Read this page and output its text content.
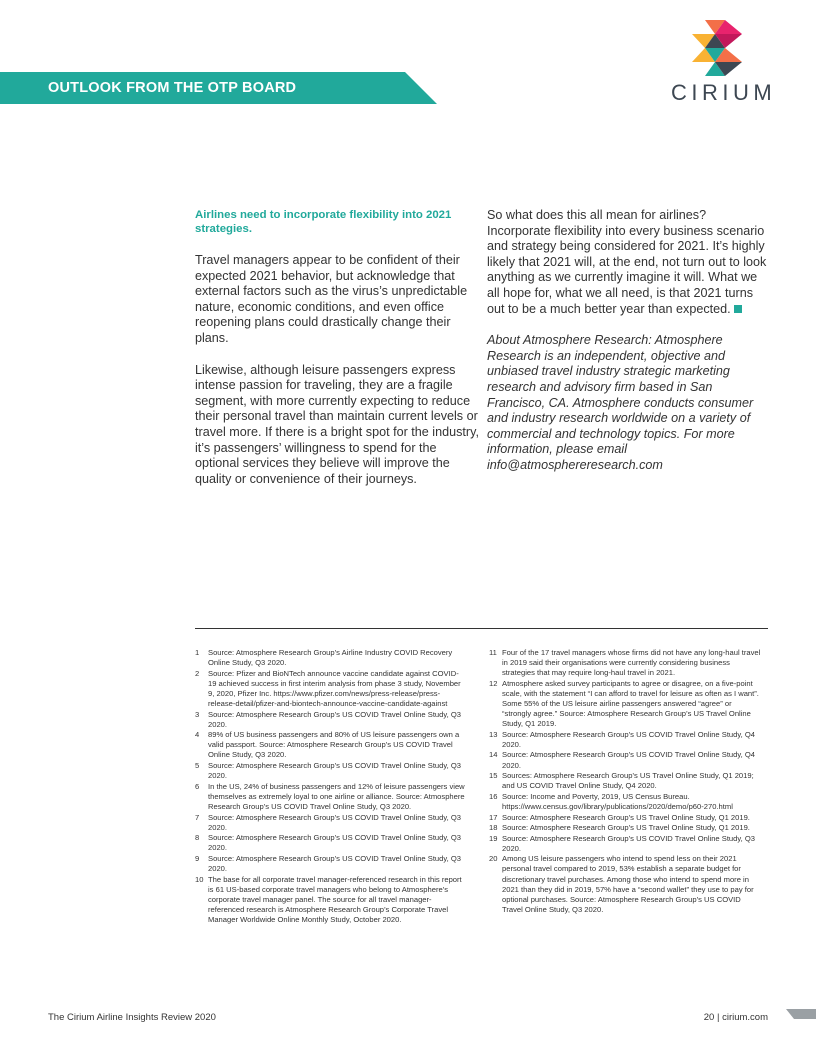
OUTLOOK FROM THE OTP BOARD	CIRIUM

Airlines need to incorporate flexibility into 2021 strategies.

Travel managers appear to be confident of their expected 2021 behavior, but acknowledge that external factors such as the virus’s unpredictable nature, economic conditions, and even office reopening plans could drastically change their plans.

Likewise, although leisure passengers express intense passion for traveling, they are a fragile segment, with more currently expecting to reduce their personal travel than maintain current levels or travel more. If there is a bright spot for the industry, it’s passengers’ willingness to spend for the optional services they believe will improve the quality or convenience of their journeys.

So what does this all mean for airlines? Incorporate flexibility into every business scenario and strategy being considered for 2021. It’s highly likely that 2021 will, at the end, not turn out to look anything as we currently imagine it will. What we all hope for, what we all need, is that 2021 turns out to be a much better year than expected.

About Atmosphere Research: Atmosphere Research is an independent, objective and unbiased travel industry strategic marketing research and advisory firm based in San Francisco, CA. Atmosphere conducts consumer and industry research worldwide on a variety of commercial and technology topics. For more information, please email info@atmosphereresearch.com

1 Source: Atmosphere Research Group’s Airline Industry COVID Recovery Online Study, Q3 2020.
2 Source: Pfizer and BioNTech announce vaccine candidate against COVID-19 achieved success in first interim analysis from phase 3 study, November 9, 2020, Pfizer Inc. https://www.pfizer.com/news/press-release/press-release-detail/pfizer-and-biontech-announce-vaccine-candidate-against
3 Source: Atmosphere Research Group’s US COVID Travel Online Study, Q3 2020.
4 89% of US business passengers and 80% of US leisure passengers own a valid passport. Source: Atmosphere Research Group’s US COVID Travel Online Study, Q3 2020.
5 Source: Atmosphere Research Group’s US COVID Travel Online Study, Q3 2020.
6 In the US, 24% of business passengers and 12% of leisure passengers view themselves as extremely loyal to one airline or alliance. Source: Atmosphere Research Group’s US COVID Travel Online Study, Q3 2020.
7 Source: Atmosphere Research Group’s US COVID Travel Online Study, Q3 2020.
8 Source: Atmosphere Research Group’s US COVID Travel Online Study, Q3 2020.
9 Source: Atmosphere Research Group’s US COVID Travel Online Study, Q3 2020.
10 The base for all corporate travel manager-referenced research in this report is 61 US-based corporate travel managers who belong to Atmosphere’s corporate travel manager panel. The source for all travel manager-referenced research is Atmosphere Research Group’s Corporate Travel Manager Worldwide Online Monthly Study, October 2020.
11 Four of the 17 travel managers whose firms did not have any long-haul travel in 2019 said their organisations were currently considering business strategies that may require long-haul travel in 2021.
12 Atmosphere asked survey participants to agree or disagree, on a five-point scale, with the statement “I can afford to travel for leisure as often as I want”. Some 55% of the US leisure airline passengers answered “agree” or “strongly agree.” Source: Atmosphere Research Group’s US Travel Online Study, Q1 2019.
13 Source: Atmosphere Research Group’s US COVID Travel Online Study, Q4 2020.
14 Source: Atmosphere Research Group’s US COVID Travel Online Study, Q4 2020.
15 Sources: Atmosphere Research Group’s US Travel Online Study, Q1 2019; and US COVID Travel Online Study, Q4 2020.
16 Source: Income and Poverty, 2019, US Census Bureau. https://www.census.gov/library/publications/2020/demo/p60-270.html
17 Source: Atmosphere Research Group’s US Travel Online Study, Q1 2019.
18 Source: Atmosphere Research Group’s US Travel Online Study, Q1 2019.
19 Source: Atmosphere Research Group’s US COVID Travel Online Study, Q3 2020.
20 Among US leisure passengers who intend to spend less on their 2021 personal travel compared to 2019, 53% establish a separate budget for discretionary travel purchases. Among those who intend to spend more in 2021 than they did in 2019, 57% have a “second wallet” they use to pay for optional purchases. Source: Atmosphere Research Group’s US COVID Travel Online Study, Q3 2020.
The Cirium Airline Insights Review 2020	20 | cirium.com
